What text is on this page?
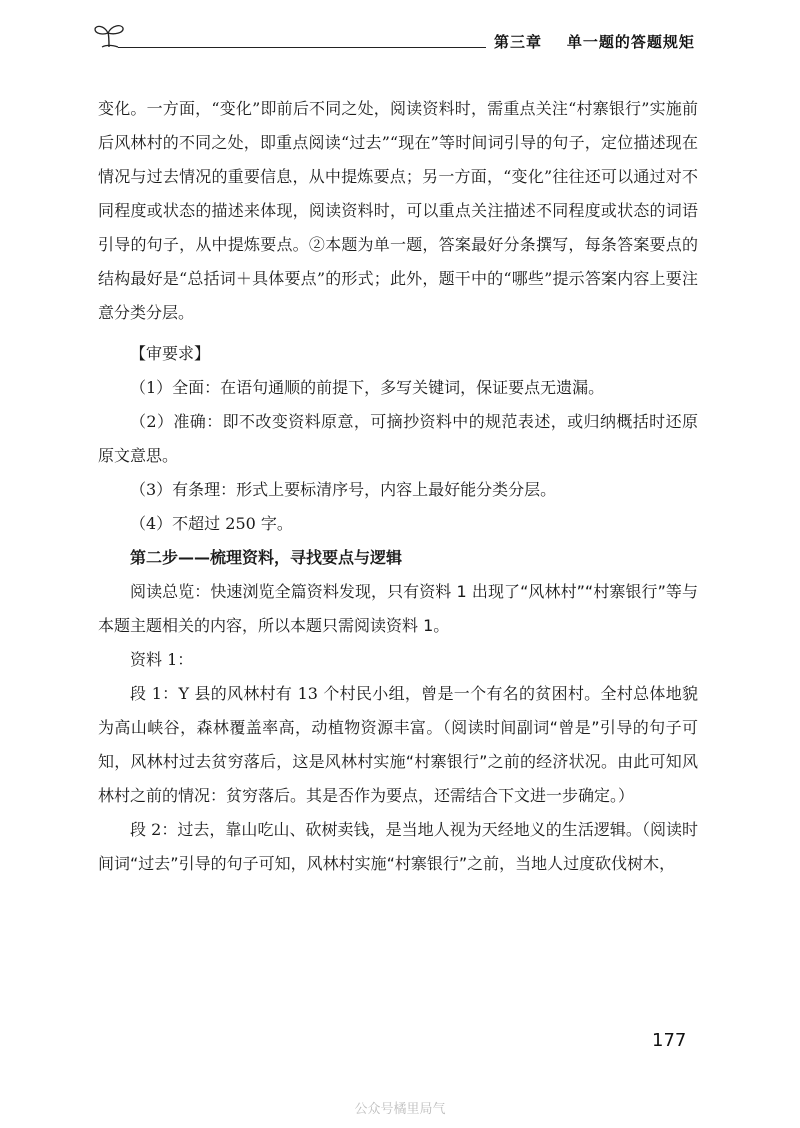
第三章 单一题的答题规矩

变化。一方面，“变化”即前后不同之处，阅读资料时，需重点关注“村寨银行”实施前后风林村的不同之处，即重点阅读“过去”“现在”等时间词引导的句子，定位描述现在情况与过去情况的重要信息，从中提炼要点；另一方面，“变化”往往还可以通过对不同程度或状态的描述来体现，阅读资料时，可以重点关注描述不同程度或状态的词语引导的句子，从中提炼要点。②本题为单一题，答案最好分条撰写，每条答案要点的结构最好是“总括词＋具体要点”的形式；此外，题干中的“哪些”提示答案内容上要注意分类分层。

【审要求】

（1）全面：在语句通顺的前提下，多写关键词，保证要点无遗漏。

（2）准确：即不改变资料原意，可摘抄资料中的规范表述，或归纳概括时还原原文意思。

（3）有条理：形式上要标清序号，内容上最好能分类分层。

（4）不超过 250 字。

第二步——梳理资料，寻找要点与逻辑

阅读总览：快速浏览全篇资料发现，只有资料 1 出现了“风林村”“村寨银行”等与本题主题相关的内容，所以本题只需阅读资料 1。

资料 1：

段 1：Y 县的风林村有 13 个村民小组，曾是一个有名的贫困村。全村总体地貌为高山峡谷，森林覆盖率高，动植物资源丰富。（阅读时间副词“曾是”引导的句子可知，风林村过去贫穷落后，这是风林村实施“村寨银行”之前的经济状况。由此可知风林村之前的情况：贫穷落后。其是否作为要点，还需结合下文进一步确定。）

段 2：过去，靠山吃山、砍树卖钱，是当地人视为天经地义的生活逻辑。（阅读时间词“过去”引导的句子可知，风林村实施“村寨银行”之前，当地人过度砍伐树木，

177
公众号橘里局气
